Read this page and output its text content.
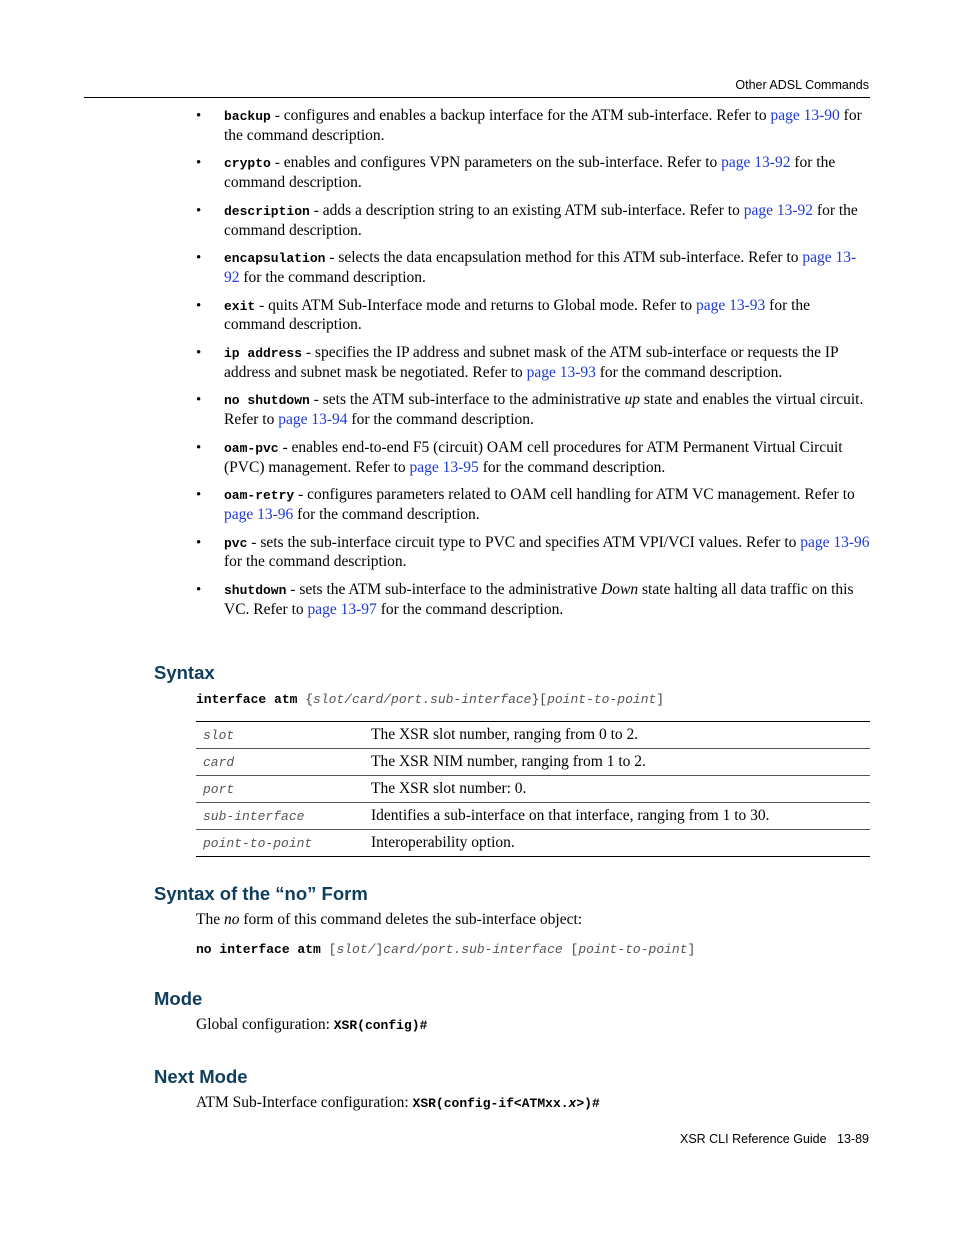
Other ADSL Commands
• backup - configures and enables a backup interface for the ATM sub-interface. Refer to page 13-90 for the command description.
• crypto - enables and configures VPN parameters on the sub-interface. Refer to page 13-92 for the command description.
• description - adds a description string to an existing ATM sub-interface. Refer to page 13-92 for the command description.
• encapsulation - selects the data encapsulation method for this ATM sub-interface. Refer to page 13-92 for the command description.
• exit - quits ATM Sub-Interface mode and returns to Global mode. Refer to page 13-93 for the command description.
• ip address - specifies the IP address and subnet mask of the ATM sub-interface or requests the IP address and subnet mask be negotiated. Refer to page 13-93 for the command description.
• no shutdown - sets the ATM sub-interface to the administrative up state and enables the virtual circuit. Refer to page 13-94 for the command description.
• oam-pvc - enables end-to-end F5 (circuit) OAM cell procedures for ATM Permanent Virtual Circuit (PVC) management. Refer to page 13-95 for the command description.
• oam-retry - configures parameters related to OAM cell handling for ATM VC management. Refer to page 13-96 for the command description.
• pvc - sets the sub-interface circuit type to PVC and specifies ATM VPI/VCI values. Refer to page 13-96 for the command description.
• shutdown - sets the ATM sub-interface to the administrative Down state halting all data traffic on this VC. Refer to page 13-97 for the command description.
Syntax
interface atm {slot/card/port.sub-interface}[point-to-point]
slot	The XSR slot number, ranging from 0 to 2.
card	The XSR NIM number, ranging from 1 to 2.
port	The XSR slot number: 0.
sub-interface	Identifies a sub-interface on that interface, ranging from 1 to 30.
point-to-point	Interoperability option.
Syntax of the “no” Form
The no form of this command deletes the sub-interface object:
no interface atm [slot/]card/port.sub-interface [point-to-point]
Mode
Global configuration: XSR(config)#
Next Mode
ATM Sub-Interface configuration: XSR(config-if<ATMxx.x>)#
XSR CLI Reference Guide 13-89
